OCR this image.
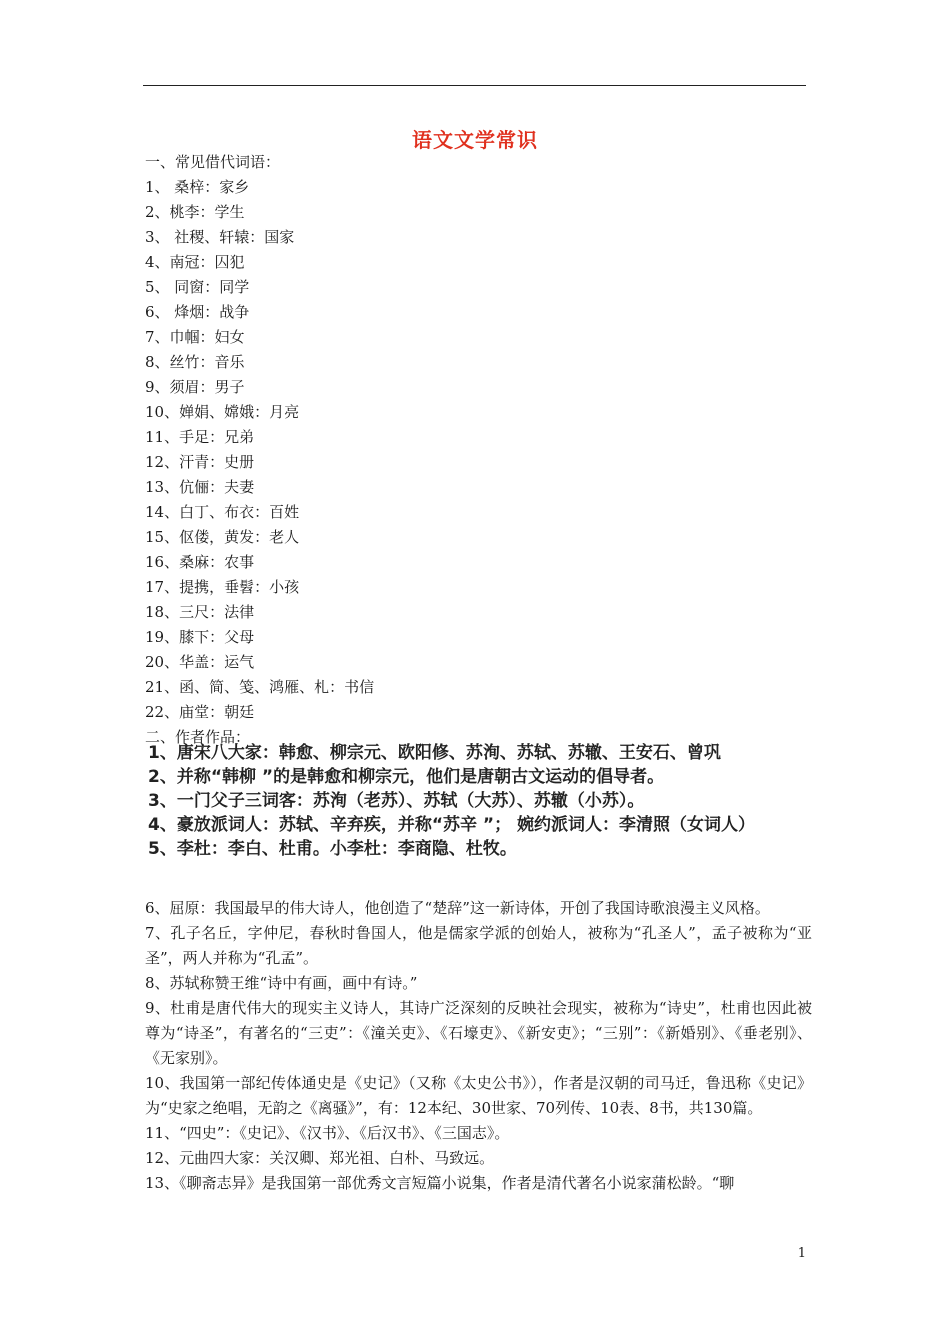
语文文学常识

一、常见借代词语：

1、 桑梓：家乡

2、桃李：学生

3、 社稷、轩辕：国家

4、南冠：囚犯

5、 同窗：同学

6、 烽烟：战争

7、巾帼：妇女

8、丝竹：音乐

9、须眉：男子

10、婵娟、嫦娥：月亮

11、手足：兄弟

12、汗青：史册

13、伉俪：夫妻

14、白丁、布衣：百姓

15、伛偻，黄发：老人

16、桑麻：农事

17、提携，垂髫：小孩

18、三尺：法律

19、膝下：父母

20、华盖：运气

21、函、简、笺、鸿雁、札：书信

22、庙堂：朝廷

二、作者作品：

1、唐宋八大家：韩愈、柳宗元、欧阳修、苏洵、苏轼、苏辙、王安石、曾巩

2、并称“韩柳 ”的是韩愈和柳宗元，他们是唐朝古文运动的倡导者。

3、一门父子三词客：苏洵（老苏）、苏轼（大苏）、苏辙（小苏）。

4、豪放派词人：苏轼、辛弃疾，并称“苏辛 ”； 婉约派词人：李清照（女词人）

5、李杜：李白、杜甫。小李杜：李商隐、杜牧。

6、屈原：我国最早的伟大诗人，他创造了“楚辞”这一新诗体，开创了我国诗歌浪漫主义风格。

7、孔子名丘，字仲尼，春秋时鲁国人，他是儒家学派的创始人，被称为“孔圣人”，孟子被称为“亚圣”，两人并称为“孔孟”。

8、苏轼称赞王维“诗中有画，画中有诗。”

9、杜甫是唐代伟大的现实主义诗人，其诗广泛深刻的反映社会现实，被称为“诗史”，杜甫也因此被尊为“诗圣”，有著名的“三吏”：《潼关吏》、《石壕吏》、《新安吏》；“三别”：《新婚别》、《垂老别》、《无家别》。

10、我国第一部纪传体通史是《史记》（又称《太史公书》），作者是汉朝的司马迁，鲁迅称《史记》为“史家之绝唱，无韵之《离骚》”，有：12本纪、30世家、70列传、10表、8书，共130篇。

11、“四史”：《史记》、《汉书》、《后汉书》、《三国志》。

12、元曲四大家：关汉卿、郑光祖、白朴、马致远。

13、《聊斋志异》是我国第一部优秀文言短篇小说集，作者是清代著名小说家蒲松龄。“聊

1
